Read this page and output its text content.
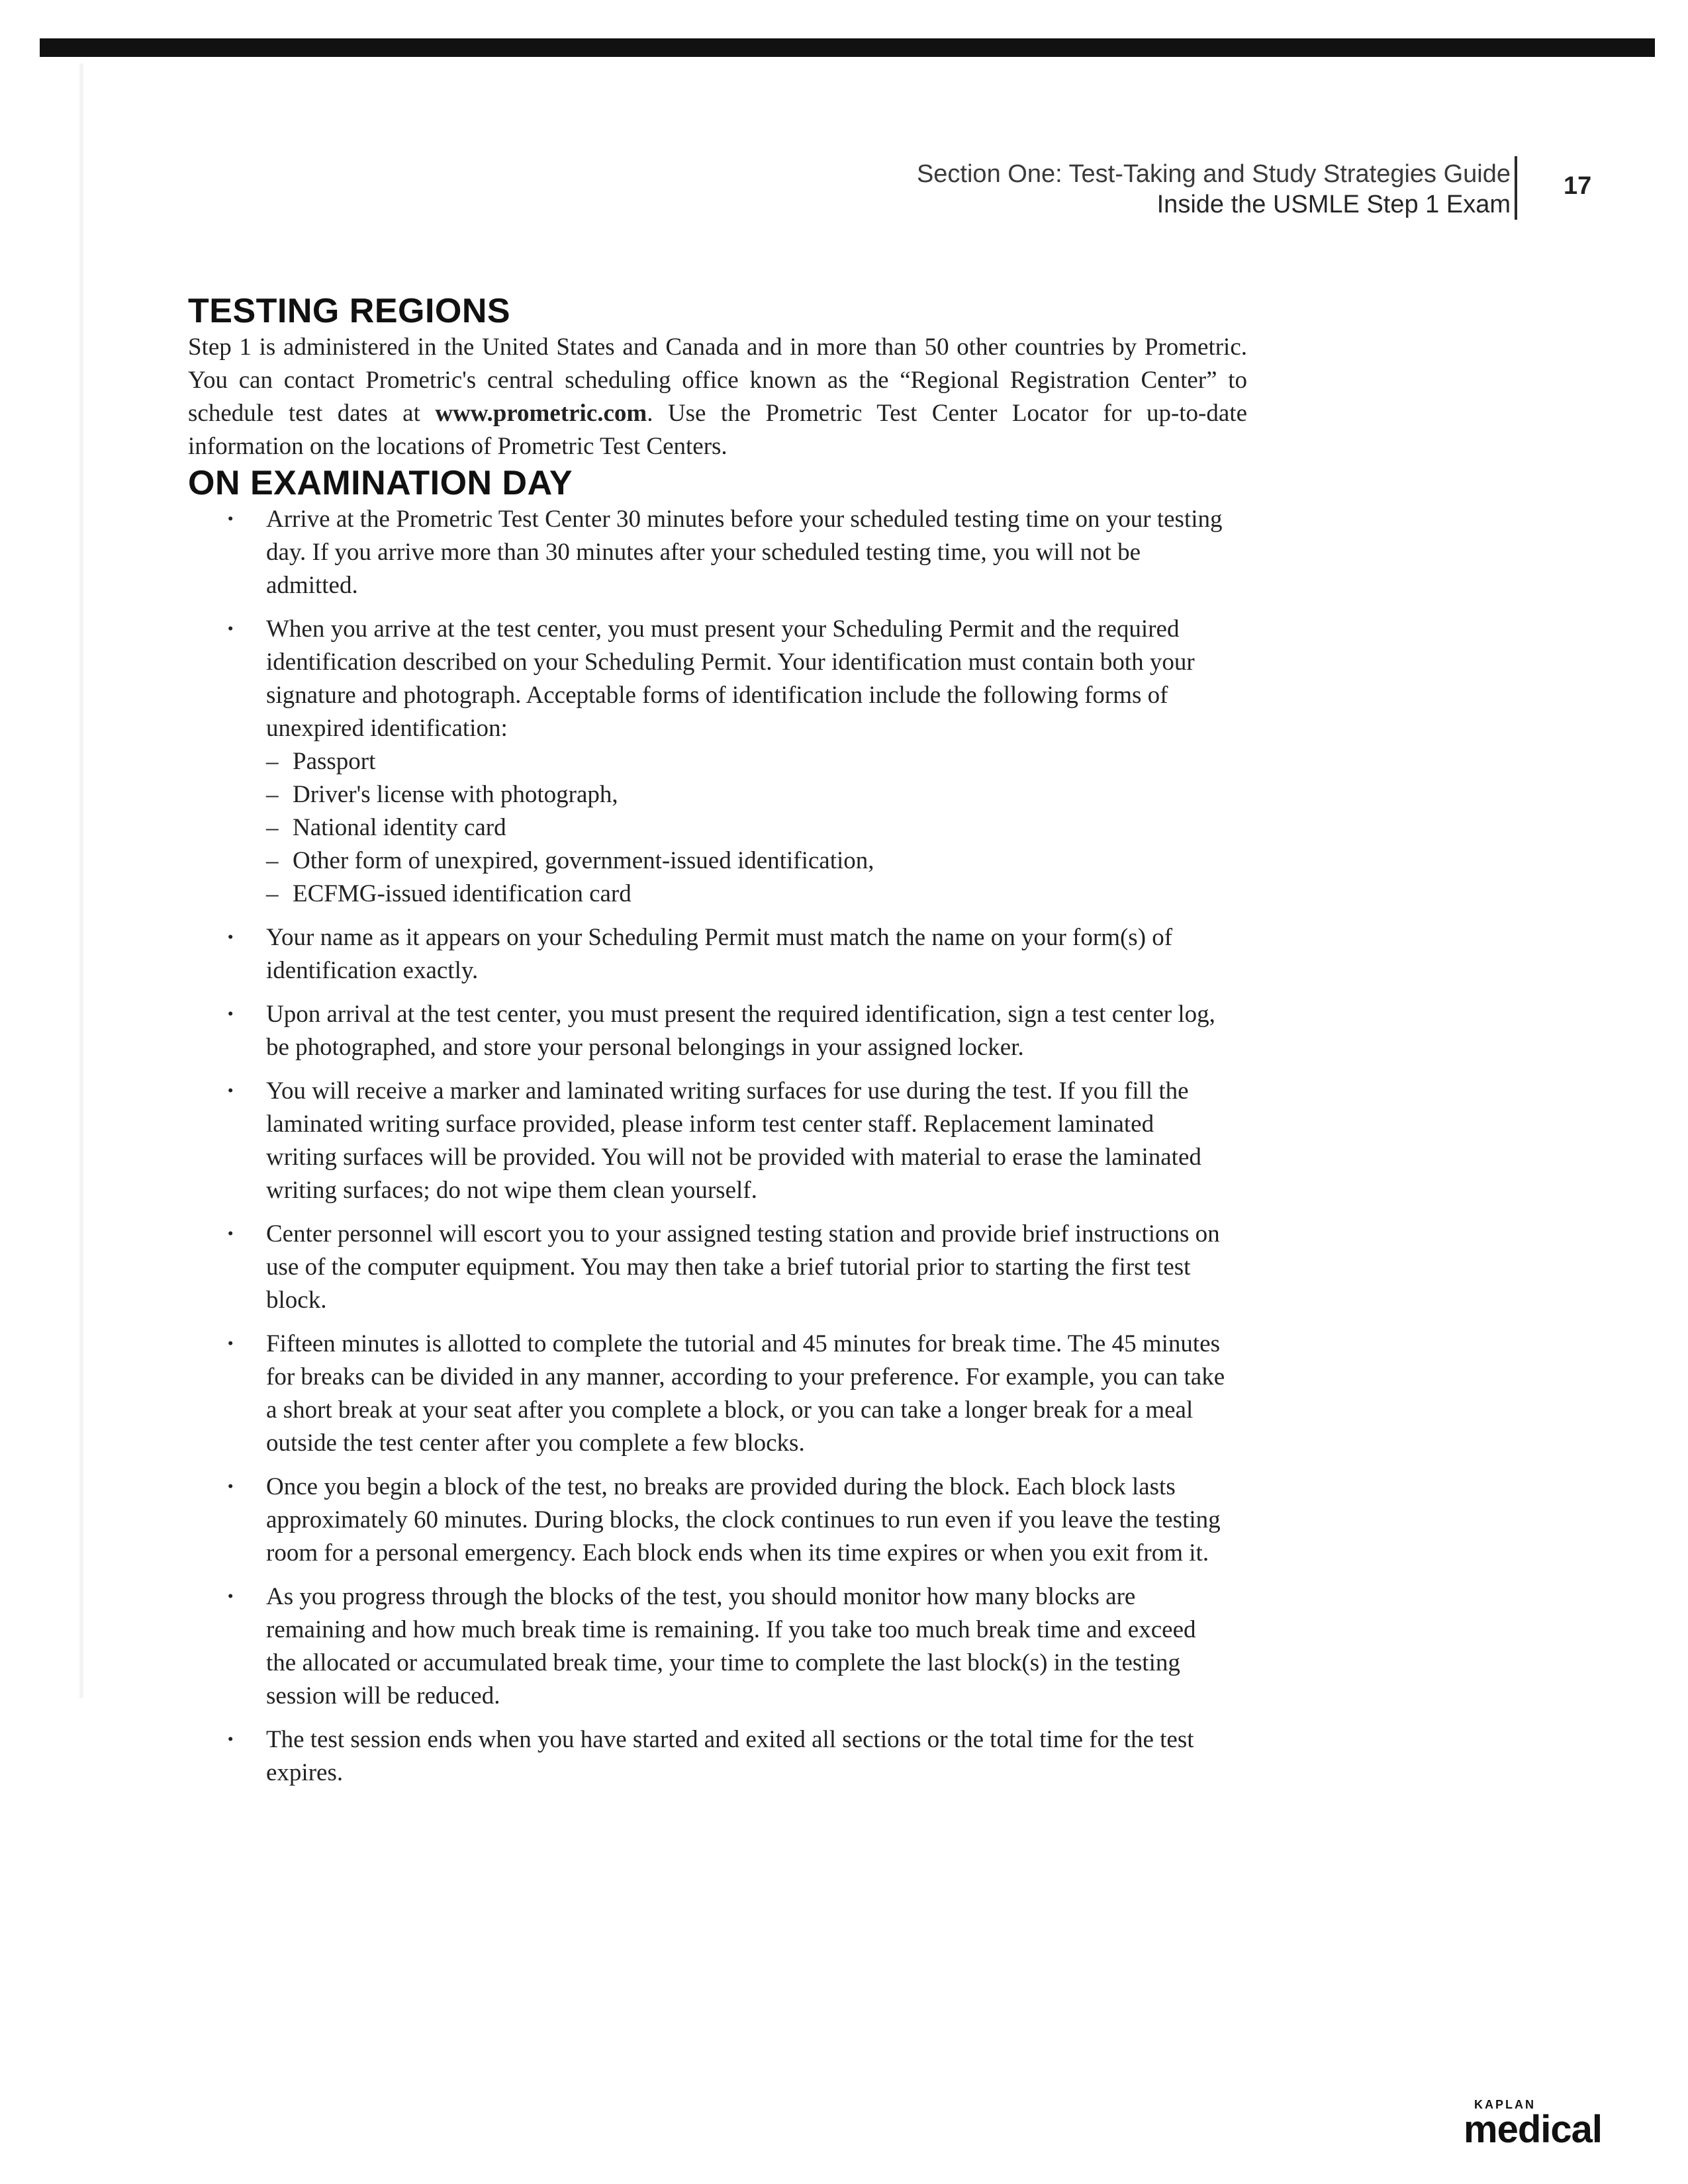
Section One: Test-Taking and Study Strategies Guide
Inside the USMLE Step 1 Exam
17
TESTING REGIONS

Step 1 is administered in the United States and Canada and in more than 50 other countries by Prometric. You can contact Prometric's central scheduling office known as the “Regional Registration Center” to schedule test dates at www.prometric.com. Use the Prometric Test Center Locator for up-to-date information on the locations of Prometric Test Centers.

ON EXAMINATION DAY
· Arrive at the Prometric Test Center 30 minutes before your scheduled testing time on your testing day. If you arrive more than 30 minutes after your scheduled testing time, you will not be admitted.
· When you arrive at the test center, you must present your Scheduling Permit and the required identification described on your Scheduling Permit. Your identification must contain both your signature and photograph. Acceptable forms of identification include the following forms of unexpired identification:
– Passport
– Driver's license with photograph,
– National identity card
– Other form of unexpired, government-issued identification,
– ECFMG-issued identification card
· Your name as it appears on your Scheduling Permit must match the name on your form(s) of identification exactly.
· Upon arrival at the test center, you must present the required identification, sign a test center log, be photographed, and store your personal belongings in your assigned locker.
· You will receive a marker and laminated writing surfaces for use during the test. If you fill the laminated writing surface provided, please inform test center staff. Replacement laminated writing surfaces will be provided. You will not be provided with material to erase the laminated writing surfaces; do not wipe them clean yourself.
· Center personnel will escort you to your assigned testing station and provide brief instructions on use of the computer equipment. You may then take a brief tutorial prior to starting the first test block.
· Fifteen minutes is allotted to complete the tutorial and 45 minutes for break time. The 45 minutes for breaks can be divided in any manner, according to your preference. For example, you can take a short break at your seat after you complete a block, or you can take a longer break for a meal outside the test center after you complete a few blocks.
· Once you begin a block of the test, no breaks are provided during the block. Each block lasts approximately 60 minutes. During blocks, the clock continues to run even if you leave the testing room for a personal emergency. Each block ends when its time expires or when you exit from it.
· As you progress through the blocks of the test, you should monitor how many blocks are remaining and how much break time is remaining. If you take too much break time and exceed the allocated or accumulated break time, your time to complete the last block(s) in the testing session will be reduced.
· The test session ends when you have started and exited all sections or the total time for the test expires.
KAPLAN
medical
